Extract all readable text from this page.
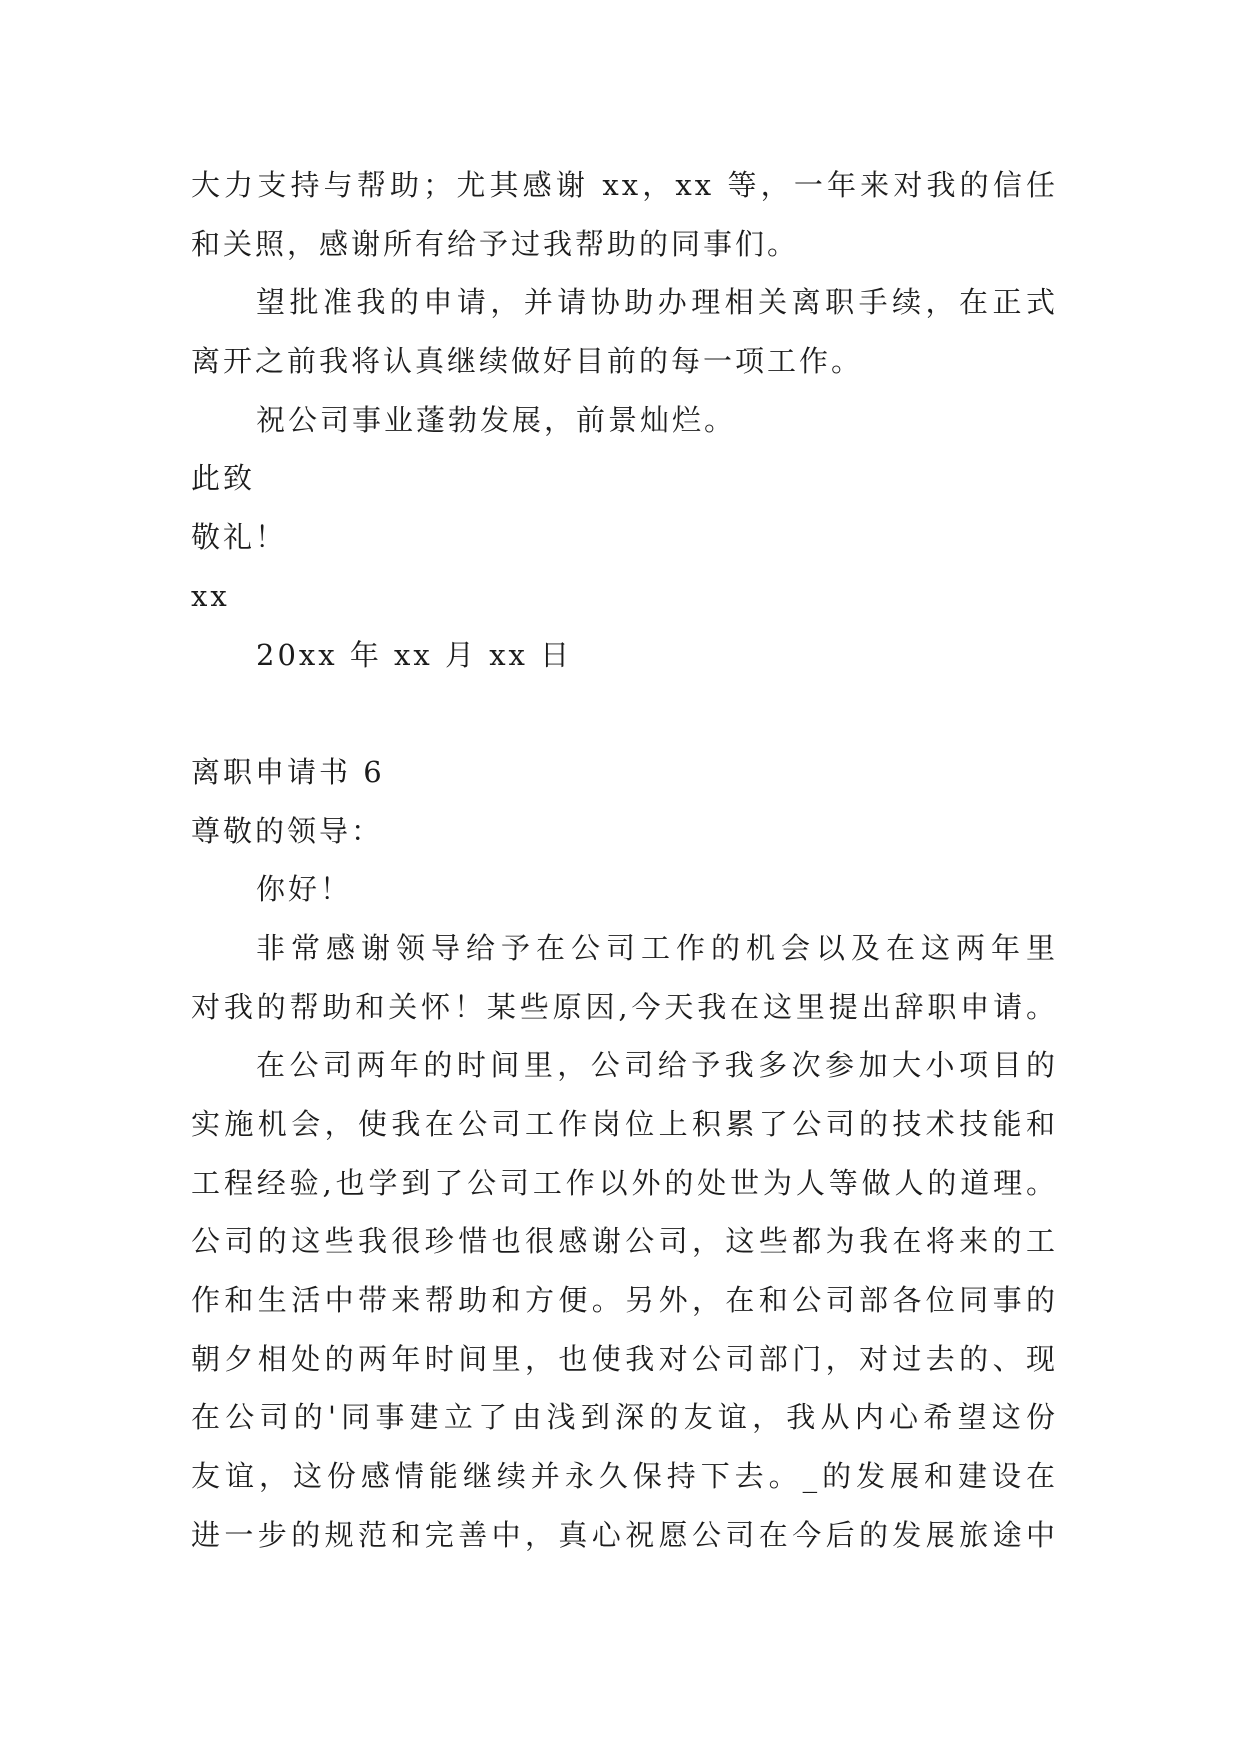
大力支持与帮助；尤其感谢 xx，xx 等，一年来对我的信任
和关照，感谢所有给予过我帮助的同事们。
望批准我的申请，并请协助办理相关离职手续，在正式
离开之前我将认真继续做好目前的每一项工作。
祝公司事业蓬勃发展，前景灿烂。
此致
敬礼！
xx
20xx 年 xx 月 xx 日
离职申请书 6
尊敬的领导：
你好！
非常感谢领导给予在公司工作的机会以及在这两年里
对我的帮助和关怀！某些原因,今天我在这里提出辞职申请。
在公司两年的时间里，公司给予我多次参加大小项目的
实施机会，使我在公司工作岗位上积累了公司的技术技能和
工程经验,也学到了公司工作以外的处世为人等做人的道理。
公司的这些我很珍惜也很感谢公司，这些都为我在将来的工
作和生活中带来帮助和方便。另外，在和公司部各位同事的
朝夕相处的两年时间里，也使我对公司部门，对过去的、现
在公司的'同事建立了由浅到深的友谊，我从内心希望这份
友谊，这份感情能继续并永久保持下去。_的发展和建设在
进一步的规范和完善中，真心祝愿公司在今后的发展旅途中
